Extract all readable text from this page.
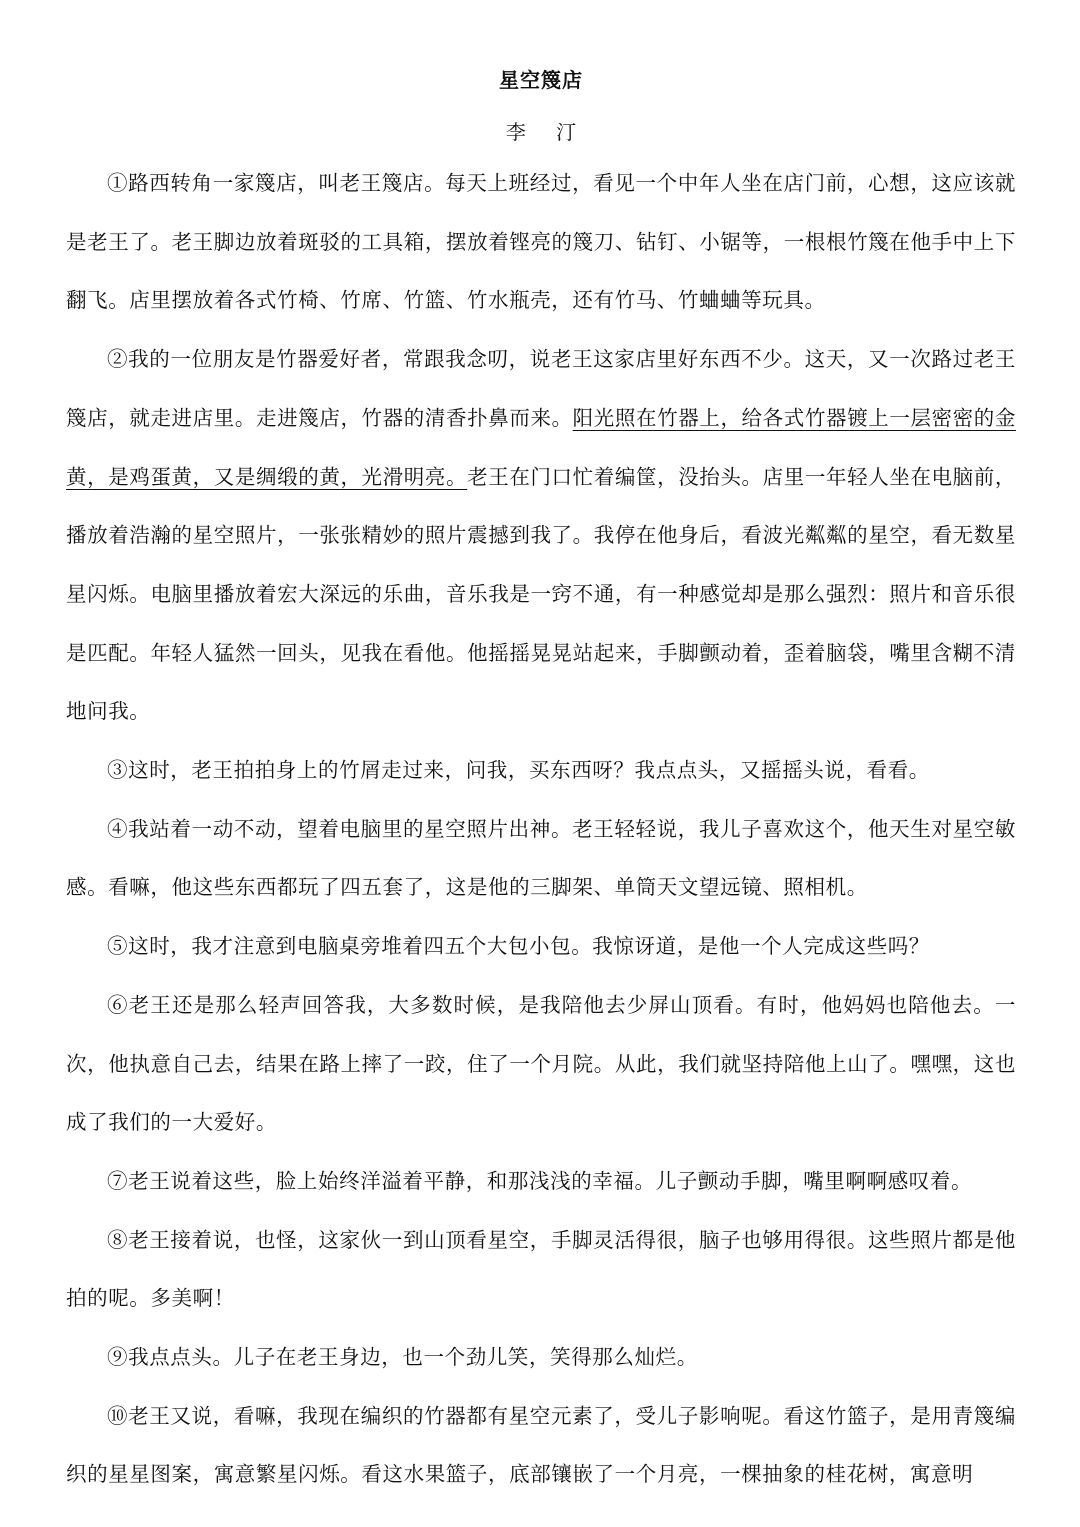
星空篾店
李 汀

①路西转角一家篾店，叫老王篾店。每天上班经过，看见一个中年人坐在店门前，心想，这应该就是老王了。老王脚边放着斑驳的工具箱，摆放着铿亮的篾刀、钻钉、小锯等，一根根竹篾在他手中上下翻飞。店里摆放着各式竹椅、竹席、竹篮、竹水瓶壳，还有竹马、竹蛐蛐等玩具。

②我的一位朋友是竹器爱好者，常跟我念叨，说老王这家店里好东西不少。这天，又一次路过老王篾店，就走进店里。走进篾店，竹器的清香扑鼻而来。阳光照在竹器上，给各式竹器镀上一层密密的金黄，是鸡蛋黄，又是绸缎的黄，光滑明亮。老王在门口忙着编筐，没抬头。店里一年轻人坐在电脑前，播放着浩瀚的星空照片，一张张精妙的照片震撼到我了。我停在他身后，看波光粼粼的星空，看无数星星闪烁。电脑里播放着宏大深远的乐曲，音乐我是一窍不通，有一种感觉却是那么强烈：照片和音乐很是匹配。年轻人猛然一回头，见我在看他。他摇摇晃晃站起来，手脚颤动着，歪着脑袋，嘴里含糊不清地问我。

③这时，老王拍拍身上的竹屑走过来，问我，买东西呀？我点点头，又摇摇头说，看看。

④我站着一动不动，望着电脑里的星空照片出神。老王轻轻说，我儿子喜欢这个，他天生对星空敏感。看嘛，他这些东西都玩了四五套了，这是他的三脚架、单筒天文望远镜、照相机。

⑤这时，我才注意到电脑桌旁堆着四五个大包小包。我惊讶道，是他一个人完成这些吗？

⑥老王还是那么轻声回答我，大多数时候，是我陪他去少屏山顶看。有时，他妈妈也陪他去。一次，他执意自己去，结果在路上摔了一跤，住了一个月院。从此，我们就坚持陪他上山了。嘿嘿，这也成了我们的一大爱好。

⑦老王说着这些，脸上始终洋溢着平静，和那浅浅的幸福。儿子颤动手脚，嘴里啊啊感叹着。

⑧老王接着说，也怪，这家伙一到山顶看星空，手脚灵活得很，脑子也够用得很。这些照片都是他拍的呢。多美啊！

⑨我点点头。儿子在老王身边，也一个劲儿笑，笑得那么灿烂。

⑩老王又说，看嘛，我现在编织的竹器都有星空元素了，受儿子影响呢。看这竹篮子，是用青篾编织的星星图案，寓意繁星闪烁。看这水果篮子，底部镶嵌了一个月亮，一棵抽象的桂花树，寓意明
